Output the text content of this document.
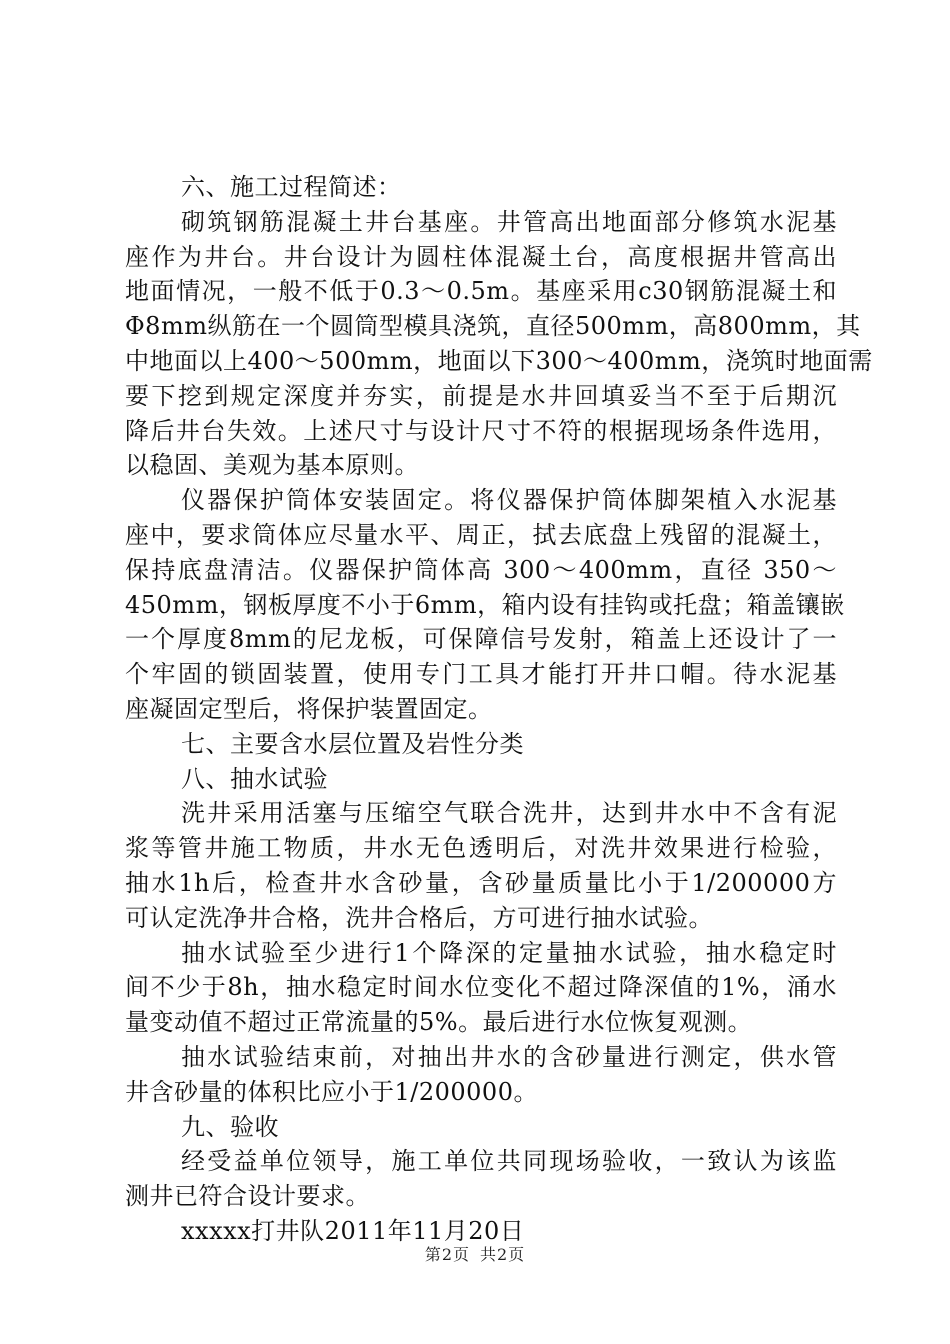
六、施工过程简述：
砌筑钢筋混凝土井台基座。井管高出地面部分修筑水泥基
座作为井台。井台设计为圆柱体混凝土台，高度根据井管高出
地面情况，一般不低于0.3～0.5m。基座采用c30钢筋混凝土和
Φ8mm纵筋在一个圆筒型模具浇筑，直径500mm，高800mm，其
中地面以上400～500mm，地面以下300～400mm，浇筑时地面需
要下挖到规定深度并夯实，前提是水井回填妥当不至于后期沉
降后井台失效。上述尺寸与设计尺寸不符的根据现场条件选用，
以稳固、美观为基本原则。
仪器保护筒体安装固定。将仪器保护筒体脚架植入水泥基
座中，要求筒体应尽量水平、周正，拭去底盘上残留的混凝土，
保持底盘清洁。仪器保护筒体高 300～400mm，直径 350～
450mm，钢板厚度不小于6mm，箱内设有挂钩或托盘；箱盖镶嵌
一个厚度8mm的尼龙板，可保障信号发射，箱盖上还设计了一
个牢固的锁固装置，使用专门工具才能打开井口帽。待水泥基
座凝固定型后，将保护装置固定。
七、主要含水层位置及岩性分类
八、抽水试验
洗井采用活塞与压缩空气联合洗井，达到井水中不含有泥
浆等管井施工物质，井水无色透明后，对洗井效果进行检验，
抽水1h后，检查井水含砂量，含砂量质量比小于1/200000方
可认定洗净井合格，洗井合格后，方可进行抽水试验。
抽水试验至少进行1个降深的定量抽水试验，抽水稳定时
间不少于8h，抽水稳定时间水位变化不超过降深值的1%，涌水
量变动值不超过正常流量的5%。最后进行水位恢复观测。
抽水试验结束前，对抽出井水的含砂量进行测定，供水管
井含砂量的体积比应小于1/200000。
九、验收
经受益单位领导，施工单位共同现场验收，一致认为该监
测井已符合设计要求。
xxxxx打井队2011年11月20日
第2页 共2页
